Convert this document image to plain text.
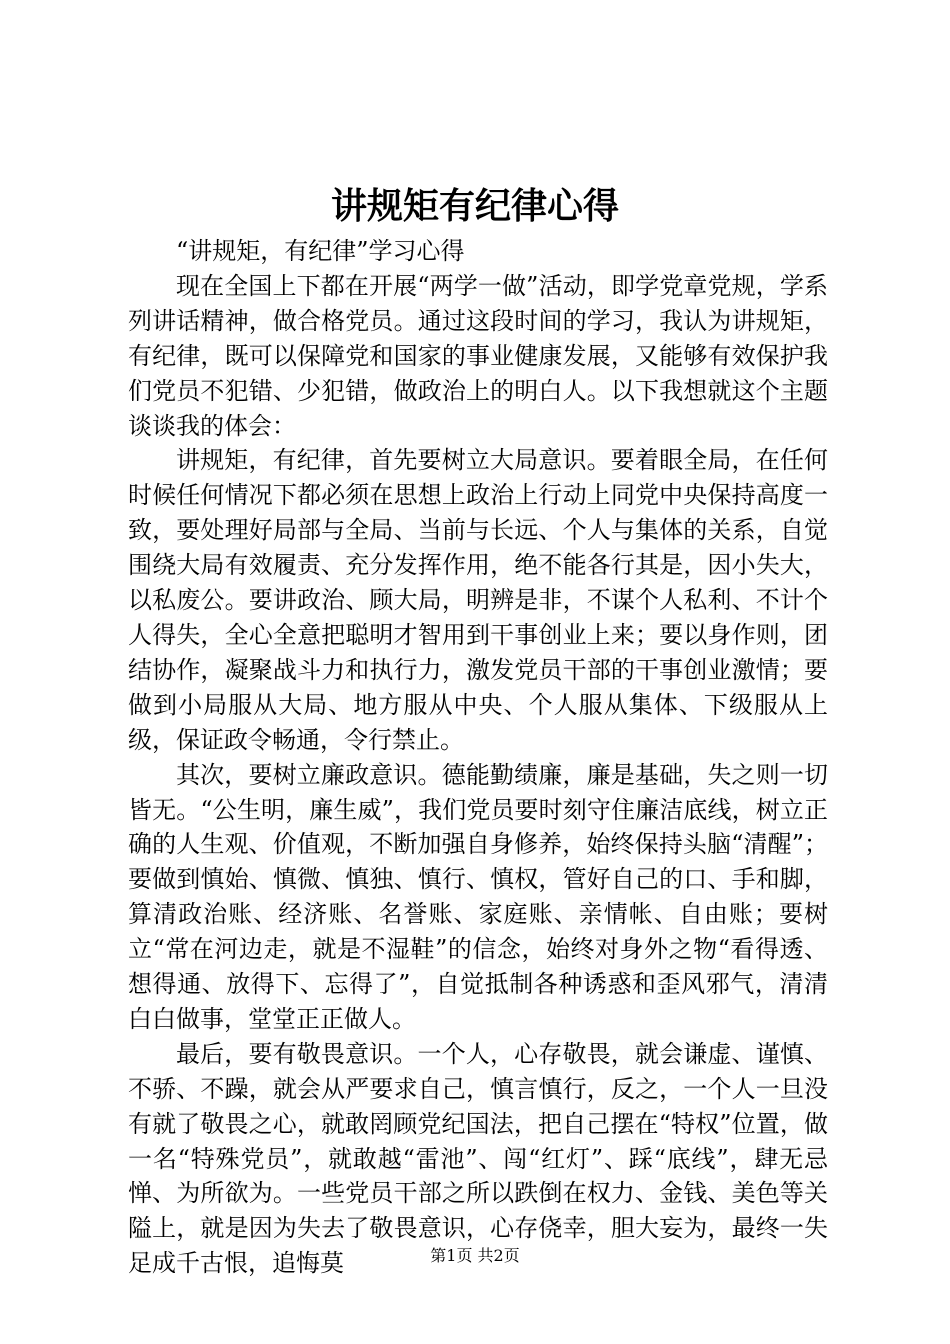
讲规矩有纪律心得

“讲规矩，有纪律”学习心得

现在全国上下都在开展“两学一做”活动，即学党章党规，学系列讲话精神，做合格党员。通过这段时间的学习，我认为讲规矩，有纪律，既可以保障党和国家的事业健康发展，又能够有效保护我们党员不犯错、少犯错，做政治上的明白人。以下我想就这个主题谈谈我的体会：

讲规矩，有纪律，首先要树立大局意识。要着眼全局，在任何时候任何情况下都必须在思想上政治上行动上同党中央保持高度一致，要处理好局部与全局、当前与长远、个人与集体的关系，自觉围绕大局有效履责、充分发挥作用，绝不能各行其是，因小失大，以私废公。要讲政治、顾大局，明辨是非，不谋个人私利、不计个人得失，全心全意把聪明才智用到干事创业上来；要以身作则，团结协作，凝聚战斗力和执行力，激发党员干部的干事创业激情；要做到小局服从大局、地方服从中央、个人服从集体、下级服从上级，保证政令畅通，令行禁止。

其次，要树立廉政意识。德能勤绩廉，廉是基础，失之则一切皆无。“公生明，廉生威”，我们党员要时刻守住廉洁底线，树立正确的人生观、价值观，不断加强自身修养，始终保持头脑“清醒”；要做到慎始、慎微、慎独、慎行、慎权，管好自己的口、手和脚，算清政治账、经济账、名誉账、家庭账、亲情帐、自由账；要树立“常在河边走，就是不湿鞋”的信念，始终对身外之物“看得透、想得通、放得下、忘得了”，自觉抵制各种诱惑和歪风邪气，清清白白做事，堂堂正正做人。

最后，要有敬畏意识。一个人，心存敬畏，就会谦虚、谨慎、不骄、不躁，就会从严要求自己，慎言慎行，反之，一个人一旦没有就了敬畏之心，就敢罔顾党纪国法，把自己摆在“特权”位置，做一名“特殊党员”，就敢越“雷池”、闯“红灯”、踩“底线”，肆无忌惮、为所欲为。一些党员干部之所以跌倒在权力、金钱、美色等关隘上，就是因为失去了敬畏意识，心存侥幸，胆大妄为，最终一失足成千古恨，追悔莫	第1页 共2页
